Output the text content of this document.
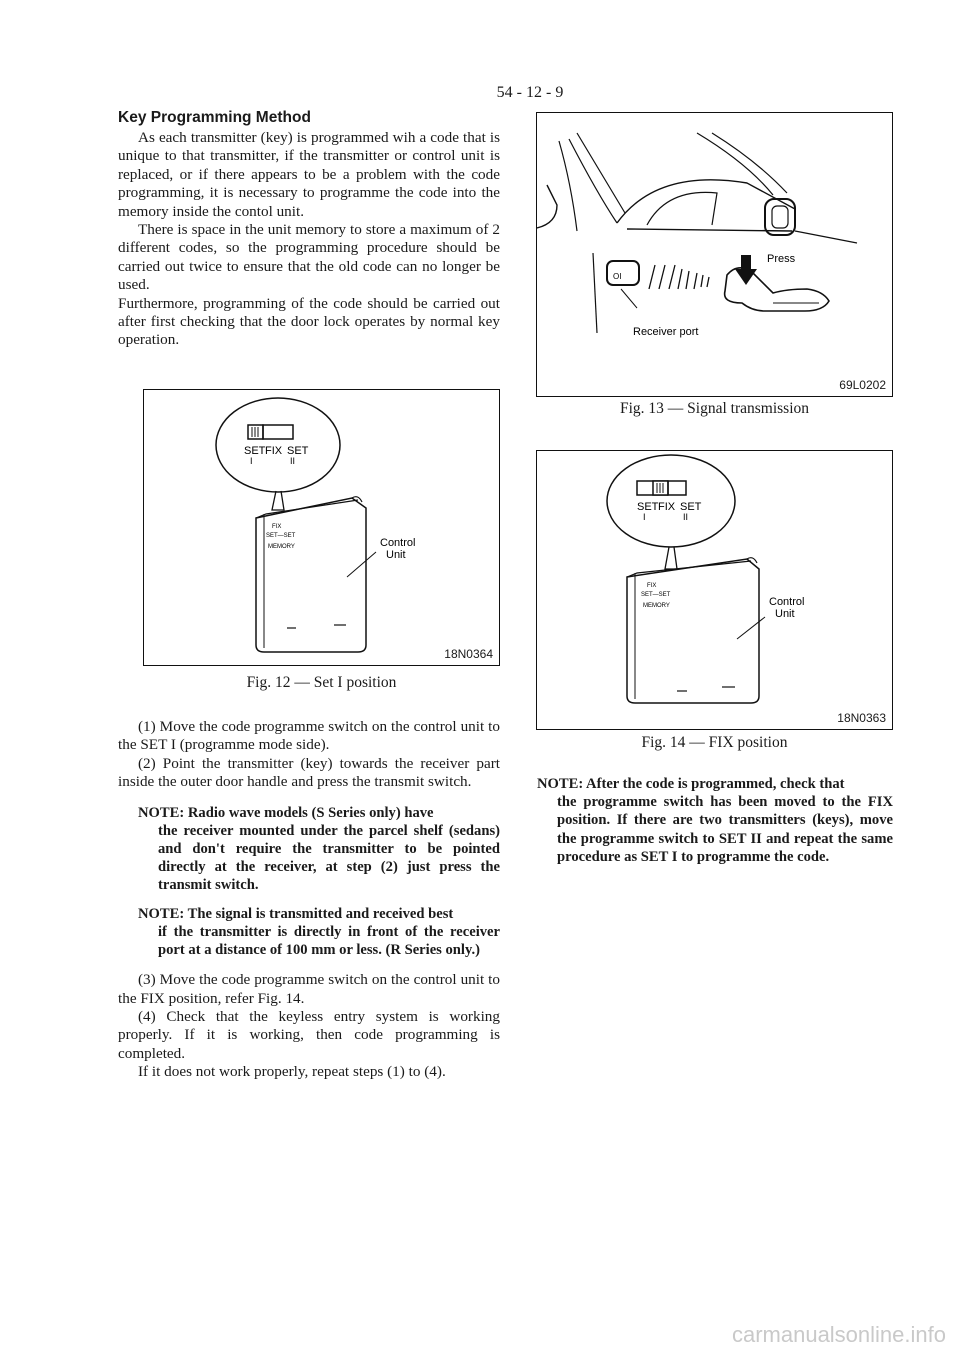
54 - 12 - 9
Key Programming Method
As each transmitter (key) is programmed wih a code that is unique to that transmitter, if the transmitter or control unit is replaced, or if there appears to be a problem with the code programming, it is necessary to programme the code into the memory inside the contol unit.
There is space in the unit memory to store a maximum of 2 different codes, so the programming procedure should be carried out twice to ensure that the old code can no longer be used.
Furthermore, programming of the code should be carried out after first checking that the door lock operates by normal key operation.
SET FIX SET
I	II
FIX
SET—SET
MEMORY	Control
Unit
18N0364
Fig. 12 — Set I position
(1) Move the code programme switch on the control unit to the SET I (programme mode side).
(2) Point the transmitter (key) towards the receiver part inside the outer door handle and press the transmit switch.
NOTE: Radio wave models (S Series only) have
the receiver mounted under the parcel shelf (sedans) and don't require the transmitter to be pointed directly at the receiver, at step (2) just press the transmit switch.
NOTE: The signal is transmitted and received best
if the transmitter is directly in front of the receiver port at a distance of 100 mm or less. (R Series only.)
(3) Move the code programme switch on the control unit to the FIX position, refer Fig. 14.
(4) Check that the keyless entry system is working properly. If it is working, then code programming is completed.
If it does not work properly, repeat steps (1) to (4).
OI
Press
Receiver port
69L0202
Fig. 13 — Signal transmission
SET FIX SET
I	II
FIX
SET—SET
MEMORY	Control
Unit
18N0363
Fig. 14 — FIX position
NOTE: After the code is programmed, check that
the programme switch has been moved to the FIX position. If there are two transmitters (keys), move the programme switch to SET II and repeat the same procedure as SET I to programme the code.
carmanualsonline.info
